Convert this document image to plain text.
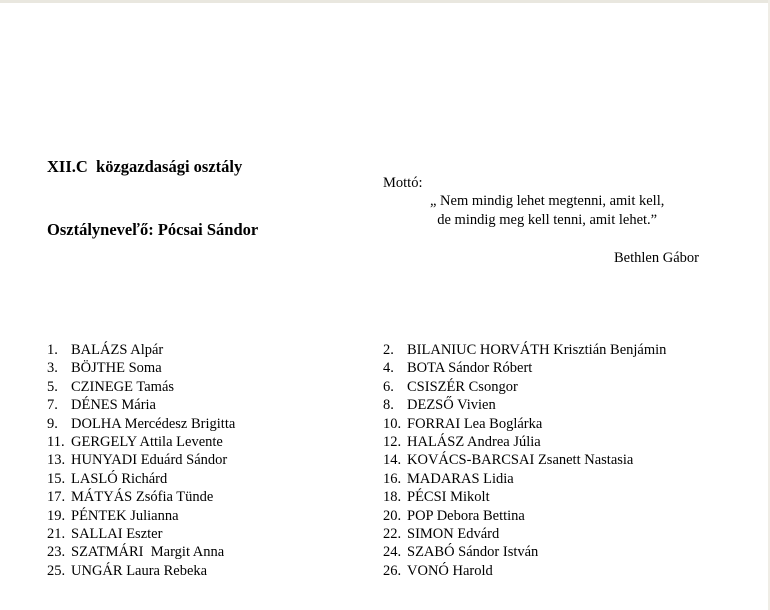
XII.C  közgazdasági osztály

Osztályneveľő: Pócsai Sándor

Mottó:
„ Nem mindig lehet megtenni, amit kell,
de mindig meg kell tenni, amit lehet.”
Bethlen Gábor
1. BALÁZS Alpár
3. BÖJTHE Soma
5. CZINEGE Tamás
7. DÉNES Mária
9. DOLHA Mercédesz Brigitta
11. GERGELY Attila Levente
13. HUNYADI Eduárd Sándor
15. LASLÓ Richárd
17. MÁTYÁS Zsófia Tünde
19. PÉNTEK Julianna
21. SALLAI Eszter
23. SZATMÁRI  Margit Anna
25. UNGÁR Laura Rebeka
2. BILANIUC HORVÁTH Krisztián Benjámin
4. BOTA Sándor Róbert
6. CSISZÉR Csongor
8. DEZSŐ Vivien
10. FORRAI Lea Boglárka
12. HALÁSZ Andrea Júlia
14. KOVÁCS-BARCSAI Zsanett Nastasia
16. MADARAS Lidia
18. PÉCSI Mikolt
20. POP Debora Bettina
22. SIMON Edvárd
24. SZABÓ Sándor István
26. VONÓ Harold
